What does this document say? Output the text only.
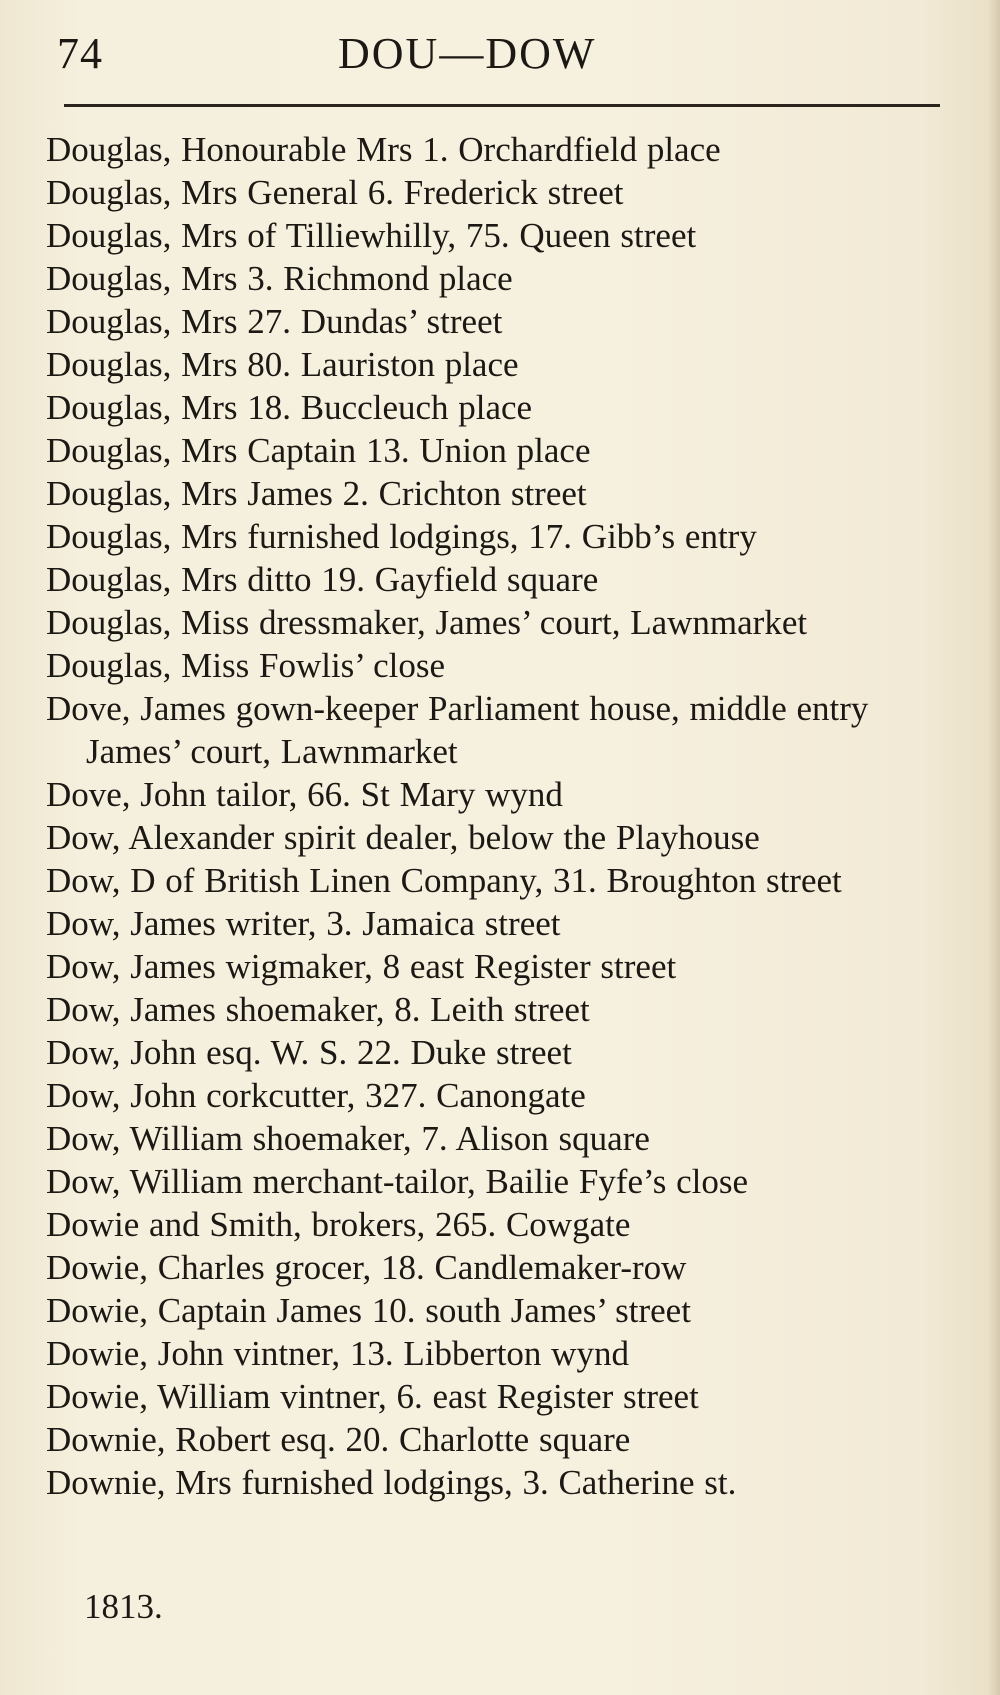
74	DOU—DOW
Douglas, Honourable Mrs 1. Orchardfield place
Douglas, Mrs General 6. Frederick street
Douglas, Mrs of Tilliewhilly, 75. Queen street
Douglas, Mrs 3. Richmond place
Douglas, Mrs 27. Dundas’ street
Douglas, Mrs 80. Lauriston place
Douglas, Mrs 18. Buccleuch place
Douglas, Mrs Captain 13. Union place
Douglas, Mrs James 2. Crichton street
Douglas, Mrs furnished lodgings, 17. Gibb’s entry
Douglas, Mrs ditto 19. Gayfield square
Douglas, Miss dressmaker, James’ court, Lawnmarket
Douglas, Miss Fowlis’ close
Dove, James gown-keeper Parliament house, middle entry James’ court, Lawnmarket
Dove, John tailor, 66. St Mary wynd
Dow, Alexander spirit dealer, below the Playhouse
Dow, D of British Linen Company, 31. Broughton street
Dow, James writer, 3. Jamaica street
Dow, James wigmaker, 8 east Register street
Dow, James shoemaker, 8. Leith street
Dow, John esq. W. S. 22. Duke street
Dow, John corkcutter, 327. Canongate
Dow, William shoemaker, 7. Alison square
Dow, William merchant-tailor, Bailie Fyfe’s close
Dowie and Smith, brokers, 265. Cowgate
Dowie, Charles grocer, 18. Candlemaker-row
Dowie, Captain James 10. south James’ street
Dowie, John vintner, 13. Libberton wynd
Dowie, William vintner, 6. east Register street
Downie, Robert esq. 20. Charlotte square
Downie, Mrs furnished lodgings, 3. Catherine st.
1813.
